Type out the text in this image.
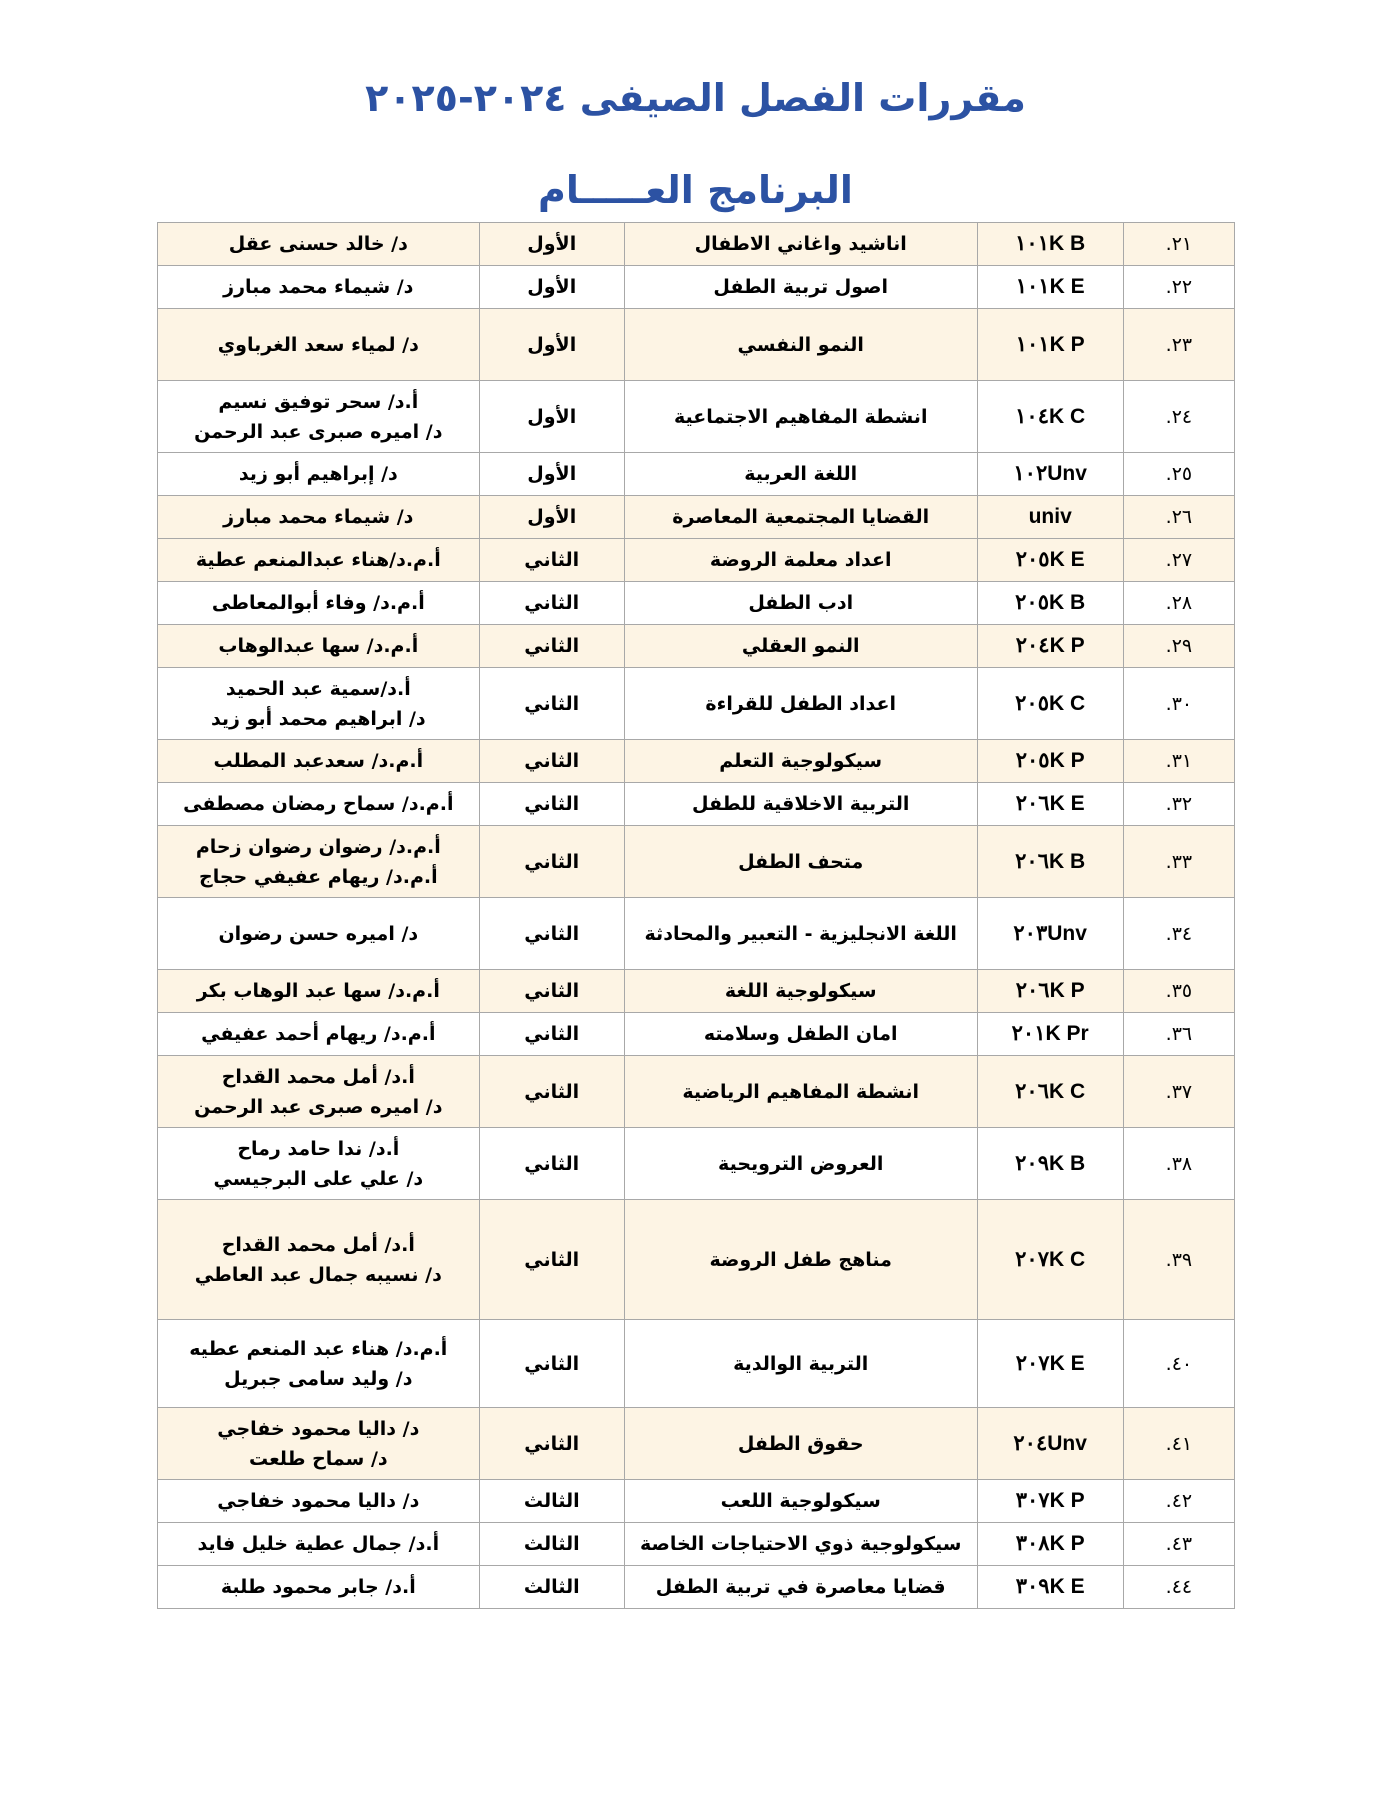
مقررات الفصل الصيفى ٢٠٢٤-٢٠٢٥
البرنامج العـــــام
٢١.	١٠١K B	اناشيد واغاني الاطفال	الأول	د/ خالد حسنى عقل

٢٢.	١٠١K E	اصول تربية الطفل	الأول	د/ شيماء محمد مبارز

٢٣.	١٠١K P	النمو النفسي	الأول	د/ لمياء سعد الغرباوي

٢٤.	١٠٤K C	انشطة المفاهيم الاجتماعية	الأول	أ.د/ سحر توفيق نسيم
د/ اميره صبرى عبد الرحمن

٢٥.	١٠٢Unv	اللغة العربية	الأول	د/ إبراهيم أبو زيد

٢٦.	univ	القضايا المجتمعية المعاصرة	الأول	د/ شيماء محمد مبارز

٢٧.	٢٠٥K E	اعداد معلمة الروضة	الثاني	أ.م.د/هناء عبدالمنعم عطية

٢٨.	٢٠٥K B	ادب الطفل	الثاني	أ.م.د/ وفاء أبوالمعاطى

٢٩.	٢٠٤K P	النمو العقلي	الثاني	أ.م.د/ سها عبدالوهاب

٣٠.	٢٠٥K C	اعداد الطفل للقراءة	الثاني	أ.د/سمية عبد الحميد
د/ ابراهيم محمد أبو زيد

٣١.	٢٠٥K P	سيكولوجية التعلم	الثاني	أ.م.د/ سعدعبد المطلب

٣٢.	٢٠٦K E	التربية الاخلاقية للطفل	الثاني	أ.م.د/ سماح رمضان مصطفى

٣٣.	٢٠٦K B	متحف الطفل	الثاني	أ.م.د/ رضوان رضوان زحام
أ.م.د/ ريهام عفيفي حجاج

٣٤.	٢٠٣Unv	اللغة الانجليزية - التعبير والمحادثة	الثاني	د/ اميره حسن رضوان

٣٥.	٢٠٦K P	سيكولوجية اللغة	الثاني	أ.م.د/ سها عبد الوهاب بكر

٣٦.	٢٠١K Pr	امان الطفل وسلامته	الثاني	أ.م.د/ ريهام أحمد عفيفي

٣٧.	٢٠٦K C	انشطة المفاهيم الرياضية	الثاني	أ.د/ أمل محمد القداح
د/ اميره صبرى عبد الرحمن

٣٨.	٢٠٩K B	العروض الترويحية	الثاني	أ.د/ ندا حامد رماح
د/ علي على البرجيسي

٣٩.	٢٠٧K C	مناهج طفل الروضة	الثاني	أ.د/ أمل محمد القداح
د/ نسيبه جمال عبد العاطي

٤٠.	٢٠٧K E	التربية الوالدية	الثاني	أ.م.د/ هناء عبد المنعم عطيه
د/ وليد سامى جبريل

٤١.	٢٠٤Unv	حقوق الطفل	الثاني	د/ داليا محمود خفاجي
د/ سماح طلعت

٤٢.	٣٠٧K P	سيكولوجية اللعب	الثالث	د/ داليا محمود خفاجي

٤٣.	٣٠٨K P	سيكولوجية ذوي الاحتياجات الخاصة	الثالث	أ.د/ جمال عطية خليل فايد

٤٤.	٣٠٩K E	قضايا معاصرة في تربية الطفل	الثالث	أ.د/ جابر محمود طلبة
